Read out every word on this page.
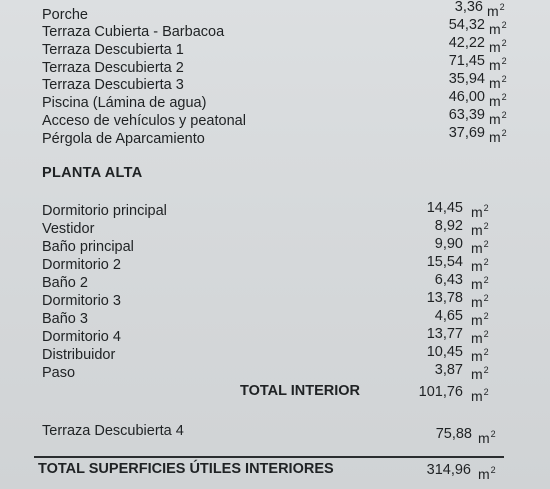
Porche	3,36 $m^2$
Terraza Cubierta - Barbacoa	54,32 $m^2$
Terraza Descubierta 1	42,22 $m^2$
Terraza Descubierta 2	71,45 $m^2$
Terraza Descubierta 3	35,94 $m^2$
Piscina (Lámina de agua)	46,00 $m^2$
Acceso de vehículos y peatonal	63,39 $m^2$
Pérgola de Aparcamiento	37,69 $m^2$
PLANTA ALTA
Dormitorio principal	14,45 $m^2$
Vestidor	8,92 $m^2$
Baño principal	9,90 $m^2$
Dormitorio 2	15,54 $m^2$
Baño 2	6,43 $m^2$
Dormitorio 3	13,78 $m^2$
Baño 3	4,65 $m^2$
Dormitorio 4	13,77 $m^2$
Distribuidor	10,45 $m^2$
Paso	3,87 $m^2$
TOTAL INTERIOR	101,76 $m^2$
Terraza Descubierta 4	75,88 $m^2$
TOTAL SUPERFICIES ÚTILES INTERIORES	314,96 $m^2$
